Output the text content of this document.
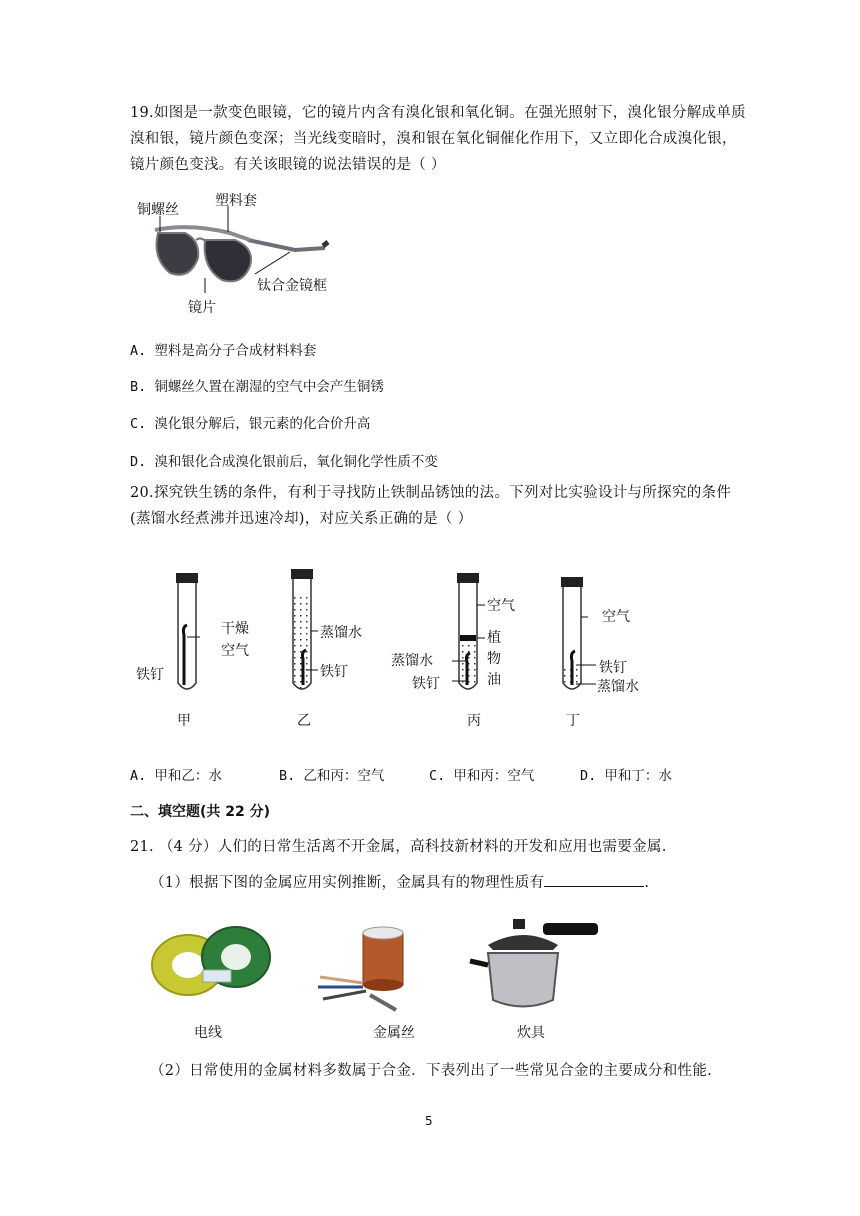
19.如图是一款变色眼镜，它的镜片内含有溴化银和氧化铜。在强光照射下，溴化银分解成单质溴和银，镜片颜色变深；当光线变暗时，溴和银在氧化铜催化作用下，又立即化合成溴化银，镜片颜色变浅。有关该眼镜的说法错误的是（ ）
铜螺丝
塑料套
钛合金镜框
镜片
A. 塑料是高分子合成材料料套
B. 铜螺丝久置在潮湿的空气中会产生铜锈
C. 溴化银分解后，银元素的化合价升高
D. 溴和银化合成溴化银前后，氧化铜化学性质不变
20.探究铁生锈的条件，有利于寻找防止铁制品锈蚀的法。下列对比实验设计与所探究的条件(蒸馏水经煮沸并迅速冷却)，对应关系正确的是（ ）
干燥
空气
铁钉
甲
蒸馏水
铁钉
乙
空气
植
物
油
蒸馏水
铁钉
丙
空气
铁钉
蒸馏水
丁
A. 甲和乙：水	B. 乙和丙：空气	C. 甲和丙：空气	D. 甲和丁：水
二、填空题(共 22 分)
21. （4 分）人们的日常生活离不开金属，高科技新材料的开发和应用也需要金属.
（1）根据下图的金属应用实例推断，金属具有的物理性质有	.
电线	金属丝	炊具
（2）日常使用的金属材料多数属于合金．下表列出了一些常见合金的主要成分和性能.
5
